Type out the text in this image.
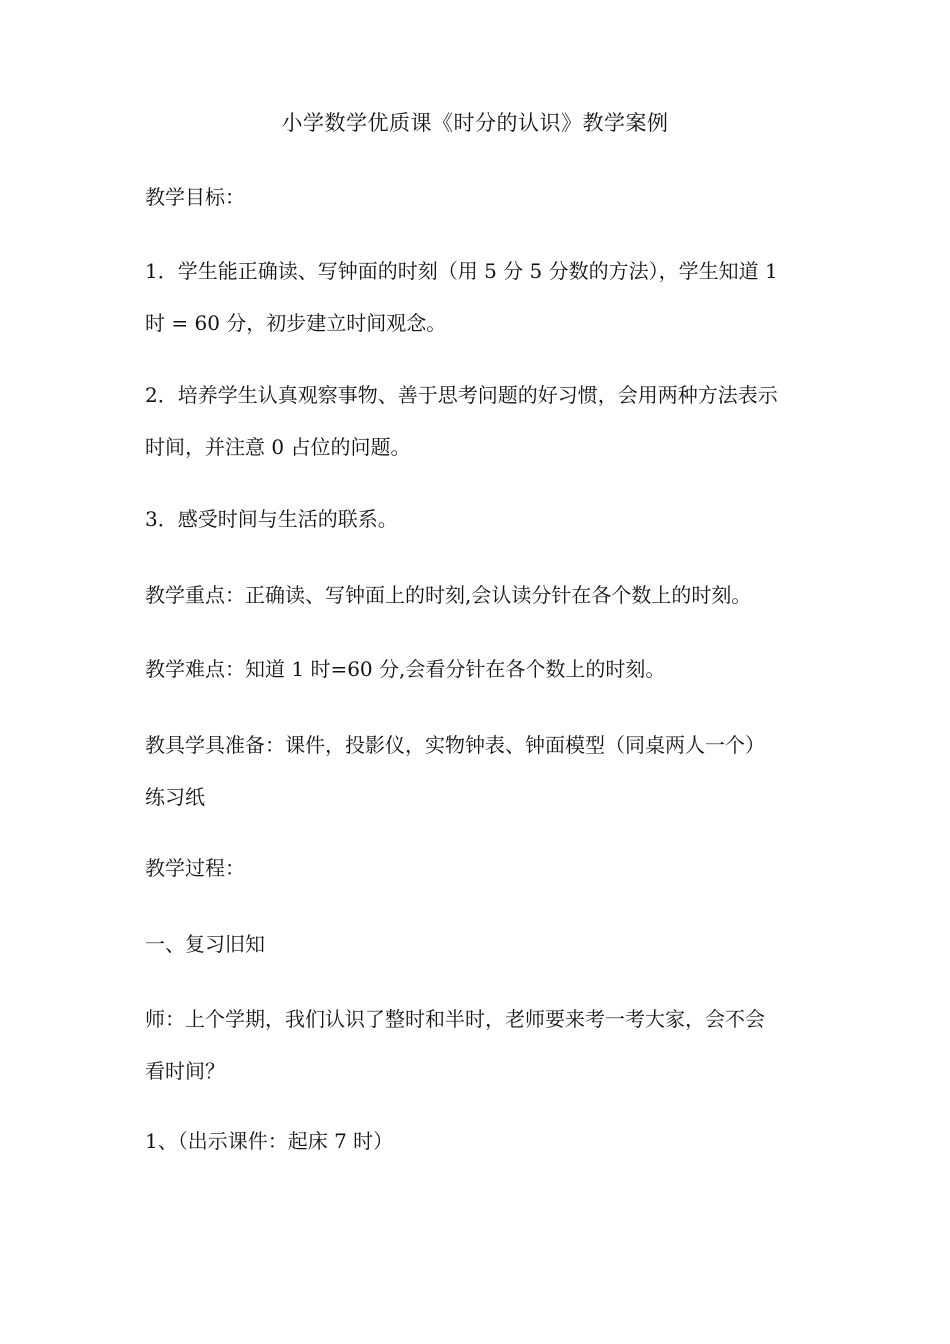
小学数学优质课《时分的认识》教学案例
教学目标：
1．学生能正确读、写钟面的时刻（用 5 分 5 分数的方法），学生知道 1
时 = 60 分，初步建立时间观念。
2．培养学生认真观察事物、善于思考问题的好习惯，会用两种方法表示
时间，并注意 0 占位的问题。
3．感受时间与生活的联系。
教学重点：正确读、写钟面上的时刻,会认读分针在各个数上的时刻。
教学难点：知道 1 时=60 分,会看分针在各个数上的时刻。
教具学具准备：课件，投影仪，实物钟表、钟面模型（同桌两人一个）
练习纸
教学过程：
一、复习旧知
师：上个学期，我们认识了整时和半时，老师要来考一考大家，会不会
看时间？
1、（出示课件：起床 7 时）
